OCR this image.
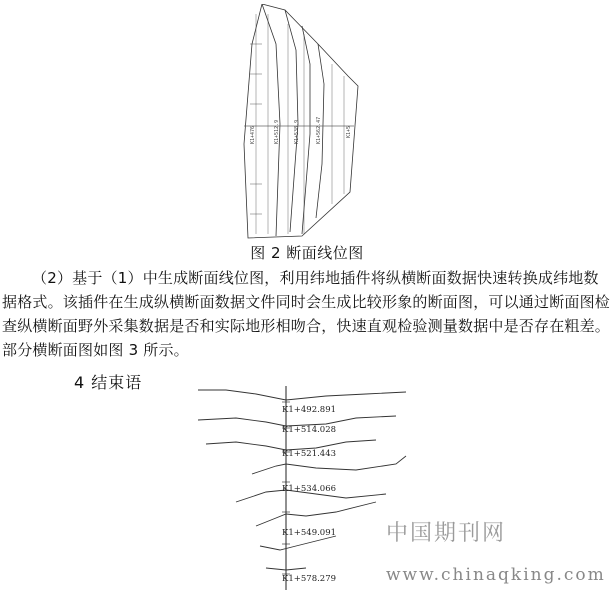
K1+476	K1+512.9	K1+538.9	K1+562.47	K1+5
图 2 断面线位图

（2）基于（1）中生成断面线位图，利用纬地插件将纵横断面数据快速转换成纬地数据格式。该插件在生成纵横断面数据文件同时会生成比较形象的断面图，可以通过断面图检查纵横断面野外采集数据是否和实际地形相吻合，快速直观检验测量数据中是否存在粗差。部分横断面图如图 3 所示。

4 结束语
K1+492.891
K1+514.028
K1+521.443
K1+534.066
K1+549.091
K1+578.279
中国期刊网
www.chinaqking.com
